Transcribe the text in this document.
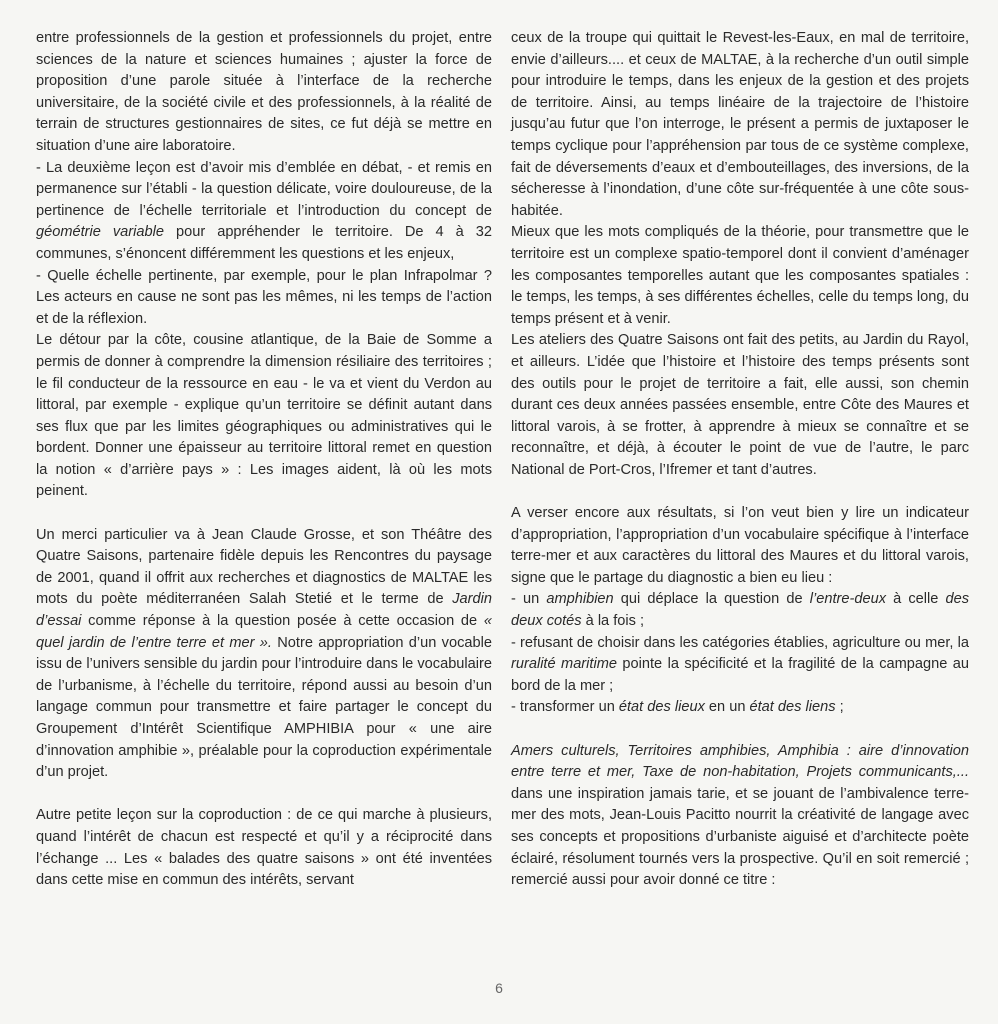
entre professionnels de la gestion et professionnels du projet, entre sciences de la nature et sciences humaines ; ajuster la force de proposition d’une parole située à l’interface de la recherche universitaire, de la société civile et des professionnels, à la réalité de terrain de structures gestionnaires de sites, ce fut déjà se mettre en situation d’une aire laboratoire.

- La deuxième leçon est d’avoir mis d’emblée en débat, - et remis en permanence sur l’établi - la question délicate, voire douloureuse, de la pertinence de l’échelle territoriale et l’introduction du concept de géométrie variable pour appréhender le territoire. De 4 à 32 communes, s’énoncent différemment les questions et les enjeux,

- Quelle échelle pertinente, par exemple, pour le plan Infrapolmar ? Les acteurs en cause ne sont pas les mêmes, ni les temps de l’action et de la réflexion.

Le détour par la côte, cousine atlantique, de la Baie de Somme a permis de donner à comprendre la dimension résiliaire des territoires ; le fil conducteur de la ressource en eau - le va et vient du Verdon au littoral, par exemple - explique qu’un territoire se définit autant dans ses flux que par les limites géographiques ou administratives qui le bordent. Donner une épaisseur au territoire littoral remet en question la notion « d’arrière pays » : Les images aident, là où les mots peinent.

Un merci particulier va à Jean Claude Grosse, et son Théâtre des Quatre Saisons, partenaire fidèle depuis les Rencontres du paysage de 2001, quand il offrit aux recherches et diagnostics de MALTAE les mots du poète méditerranéen Salah Stetié et le terme de Jardin d’essai comme réponse à la question posée à cette occasion de « quel jardin de l’entre terre et mer ». Notre appropriation d’un vocable issu de l’univers sensible du jardin pour l’introduire dans le vocabulaire de l’urbanisme, à l’échelle du territoire, répond aussi au besoin d’un langage commun pour transmettre et faire partager le concept du Groupement d’Intérêt Scientifique AMPHIBIA pour « une aire d’innovation amphibie », préalable pour la coproduction expérimentale d’un projet.

Autre petite leçon sur la coproduction : de ce qui marche à plusieurs, quand l’intérêt de chacun est respecté et qu’il y a réciprocité dans l’échange ... Les « balades des quatre saisons » ont été inventées dans cette mise en commun des intérêts, servant

ceux de la troupe qui quittait le Revest-les-Eaux, en mal de territoire, envie d’ailleurs.... et ceux de MALTAE, à la recherche d’un outil simple pour introduire le temps, dans les enjeux de la gestion et des projets de territoire. Ainsi, au temps linéaire de la trajectoire de l’histoire jusqu’au futur que l’on interroge, le présent a permis de juxtaposer le temps cyclique pour l’appréhension par tous de ce système complexe, fait de déversements d’eaux et d’embouteillages, des inversions, de la sécheresse à l’inondation, d’une côte sur-fréquentée à une côte sous-habitée.

Mieux que les mots compliqués de la théorie, pour transmettre que le territoire est un complexe spatio-temporel dont il convient d’aménager les composantes temporelles autant que les composantes spatiales : le temps, les temps, à ses différentes échelles, celle du temps long, du temps présent et à venir.

Les ateliers des Quatre Saisons ont fait des petits, au Jardin du Rayol, et ailleurs. L’idée que l’histoire et l’histoire des temps présents sont des outils pour le projet de territoire a fait, elle aussi, son chemin durant ces deux années passées ensemble, entre Côte des Maures et littoral varois, à se frotter, à apprendre à mieux se connaître et se reconnaître, et déjà, à écouter le point de vue de l’autre, le parc National de Port-Cros, l’Ifremer et tant d’autres.

A verser encore aux résultats, si l’on veut bien y lire un indicateur d’appropriation, l’appropriation d’un vocabulaire spécifique à l’interface terre-mer et aux caractères du littoral des Maures et du littoral varois, signe que le partage du diagnostic a bien eu lieu :

- un amphibien qui déplace la question de l’entre-deux à celle des deux cotés à la fois ;

- refusant de choisir dans les catégories établies, agriculture ou mer, la ruralité maritime pointe la spécificité et la fragilité de la campagne au bord de la mer ;

- transformer un état des lieux en un état des liens ;

Amers culturels, Territoires amphibies, Amphibia : aire d’innovation entre terre et mer, Taxe de non-habitation, Projets communicants,... dans une inspiration jamais tarie, et se jouant de l’ambivalence terre-mer des mots, Jean-Louis Pacitto nourrit la créativité de langage avec ses concepts et propositions d’urbaniste aiguisé et d’architecte poète éclairé, résolument tournés vers la prospective. Qu’il en soit remercié ; remercié aussi pour avoir donné ce titre :

6
